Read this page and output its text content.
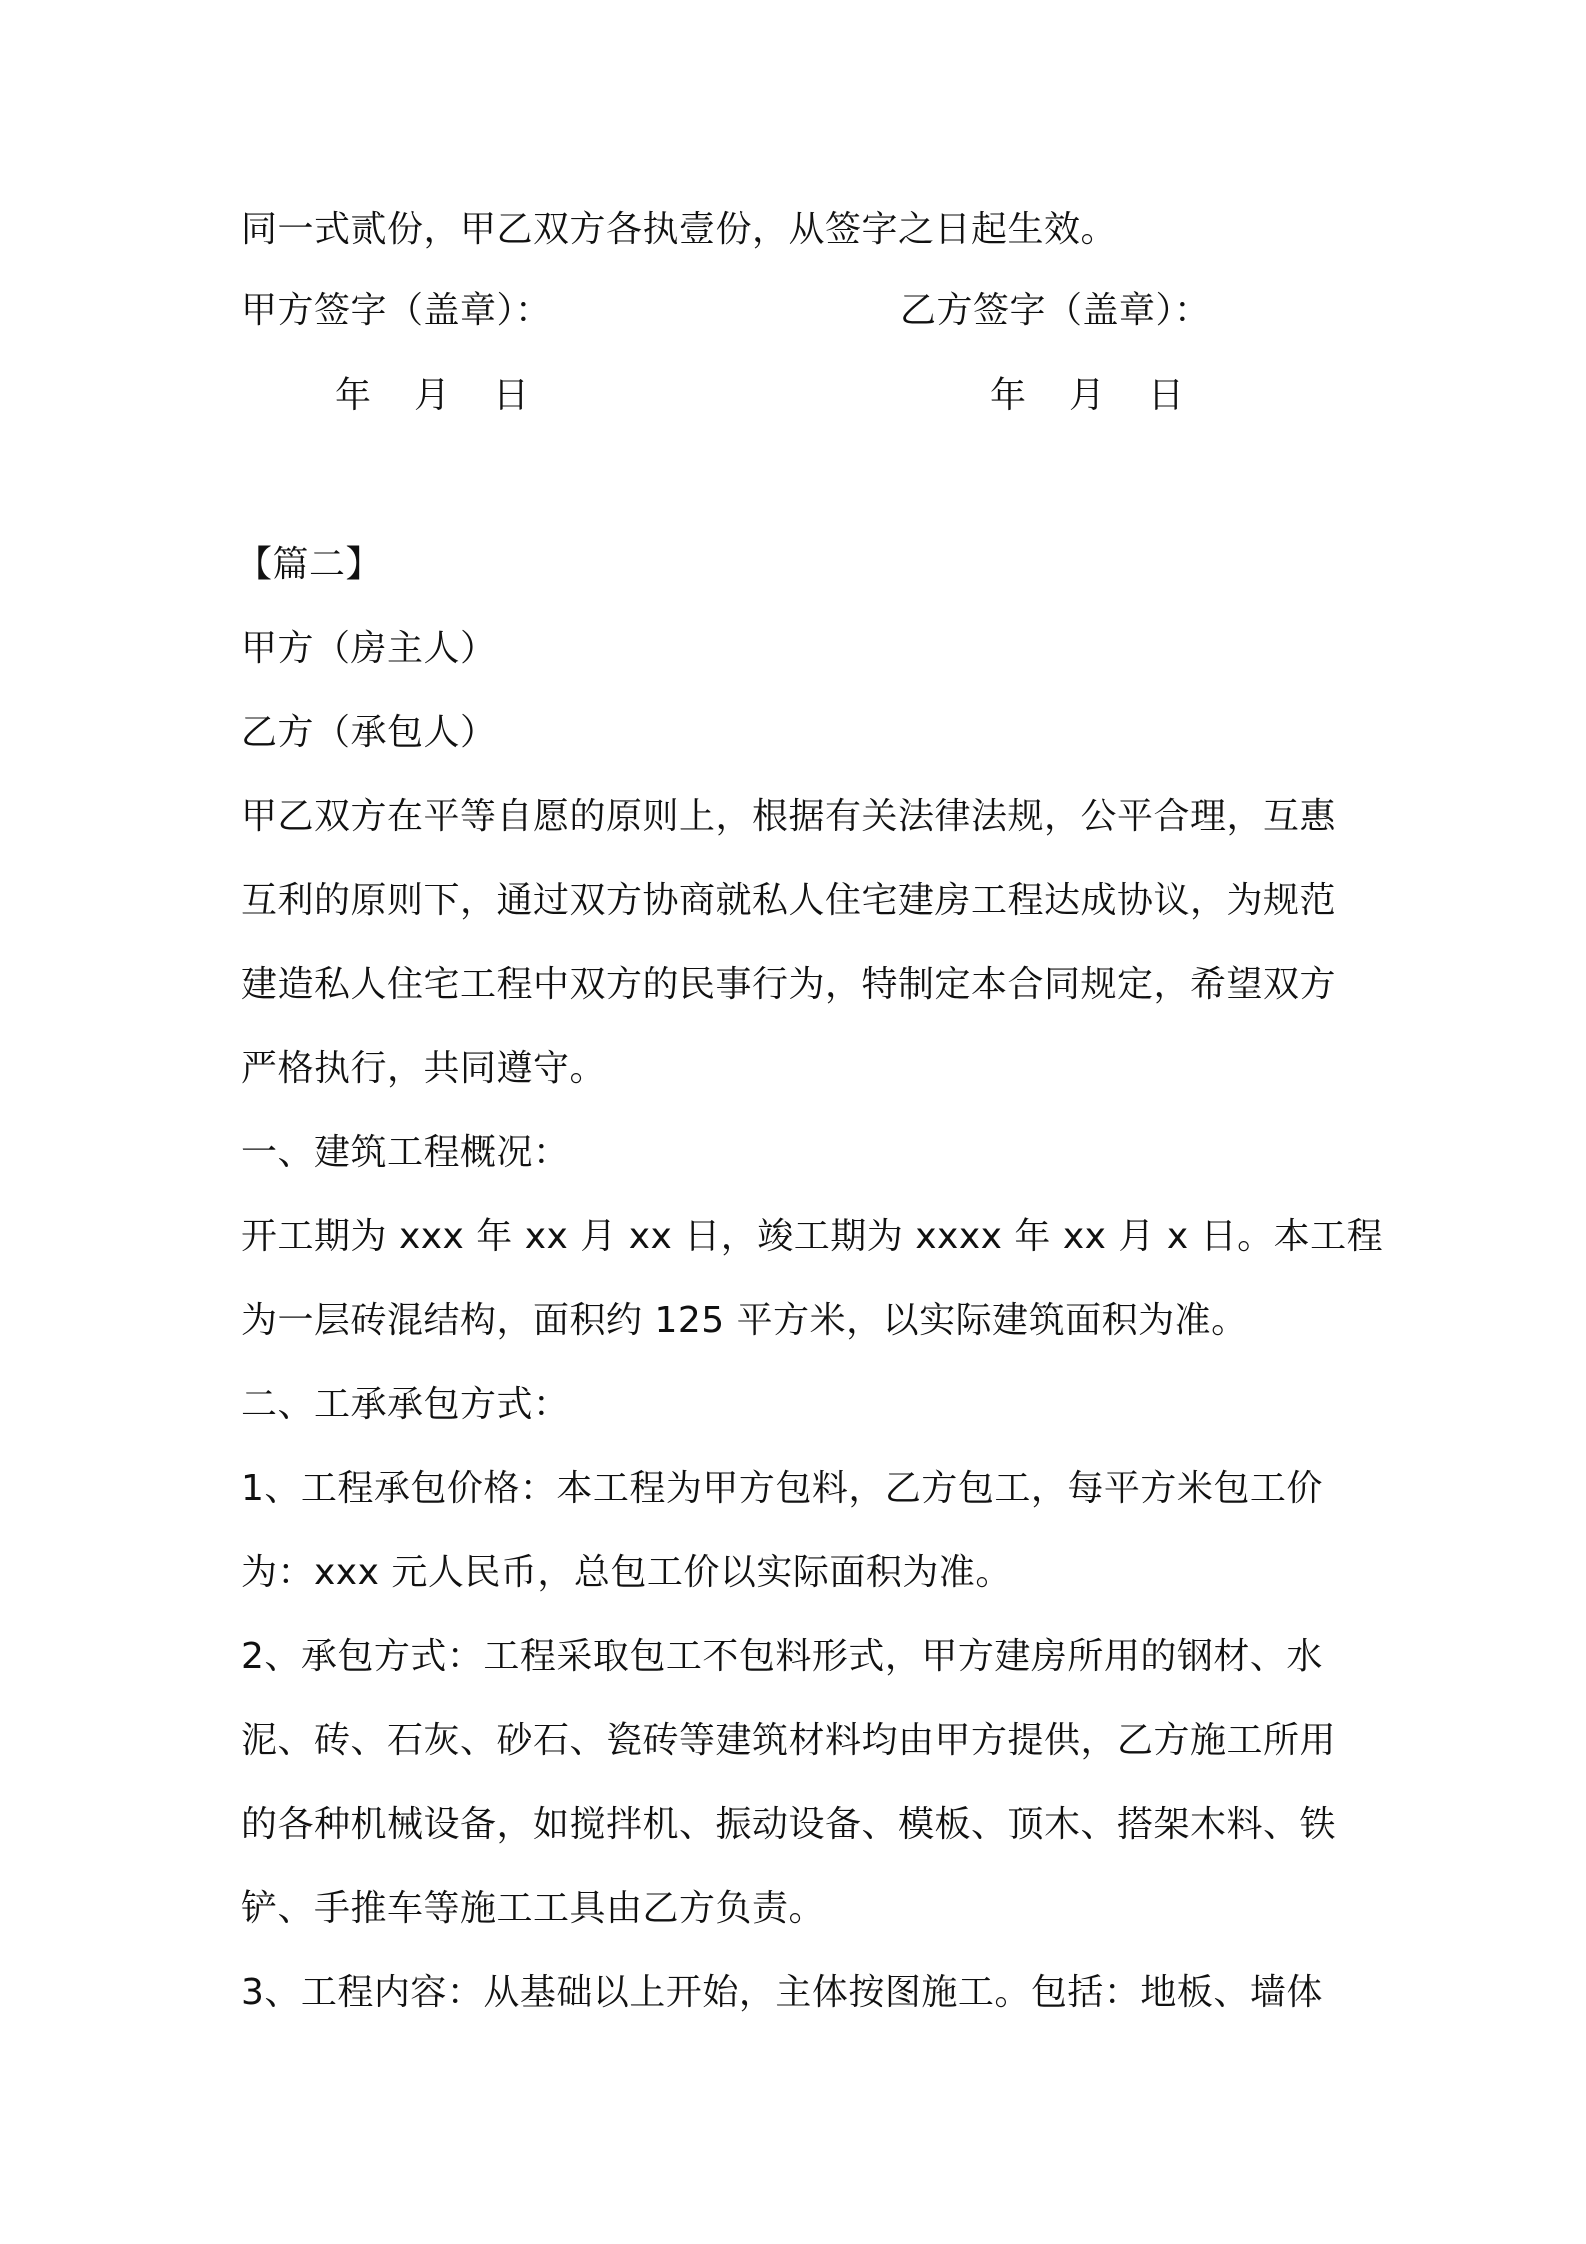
同一式贰份，甲乙双方各执壹份，从签字之日起生效。
甲方签字（盖章）：	乙方签字（盖章）：
年 月 日	年 月 日
【篇二】
甲方（房主人）
乙方（承包人）
甲乙双方在平等自愿的原则上，根据有关法律法规，公平合理，互惠
互利的原则下，通过双方协商就私人住宅建房工程达成协议，为规范
建造私人住宅工程中双方的民事行为，特制定本合同规定，希望双方
严格执行，共同遵守。
一、建筑工程概况：
开工期为 xxx 年 xx 月 xx 日，竣工期为 xxxx 年 xx 月 x 日。本工程
为一层砖混结构，面积约 125 平方米，以实际建筑面积为准。
二、工承承包方式：
1、工程承包价格：本工程为甲方包料，乙方包工，每平方米包工价
为：xxx 元人民币，总包工价以实际面积为准。
2、承包方式：工程采取包工不包料形式，甲方建房所用的钢材、水
泥、砖、石灰、砂石、瓷砖等建筑材料均由甲方提供，乙方施工所用
的各种机械设备，如搅拌机、振动设备、模板、顶木、搭架木料、铁
铲、手推车等施工工具由乙方负责。
3、工程内容：从基础以上开始，主体按图施工。包括：地板、墙体
